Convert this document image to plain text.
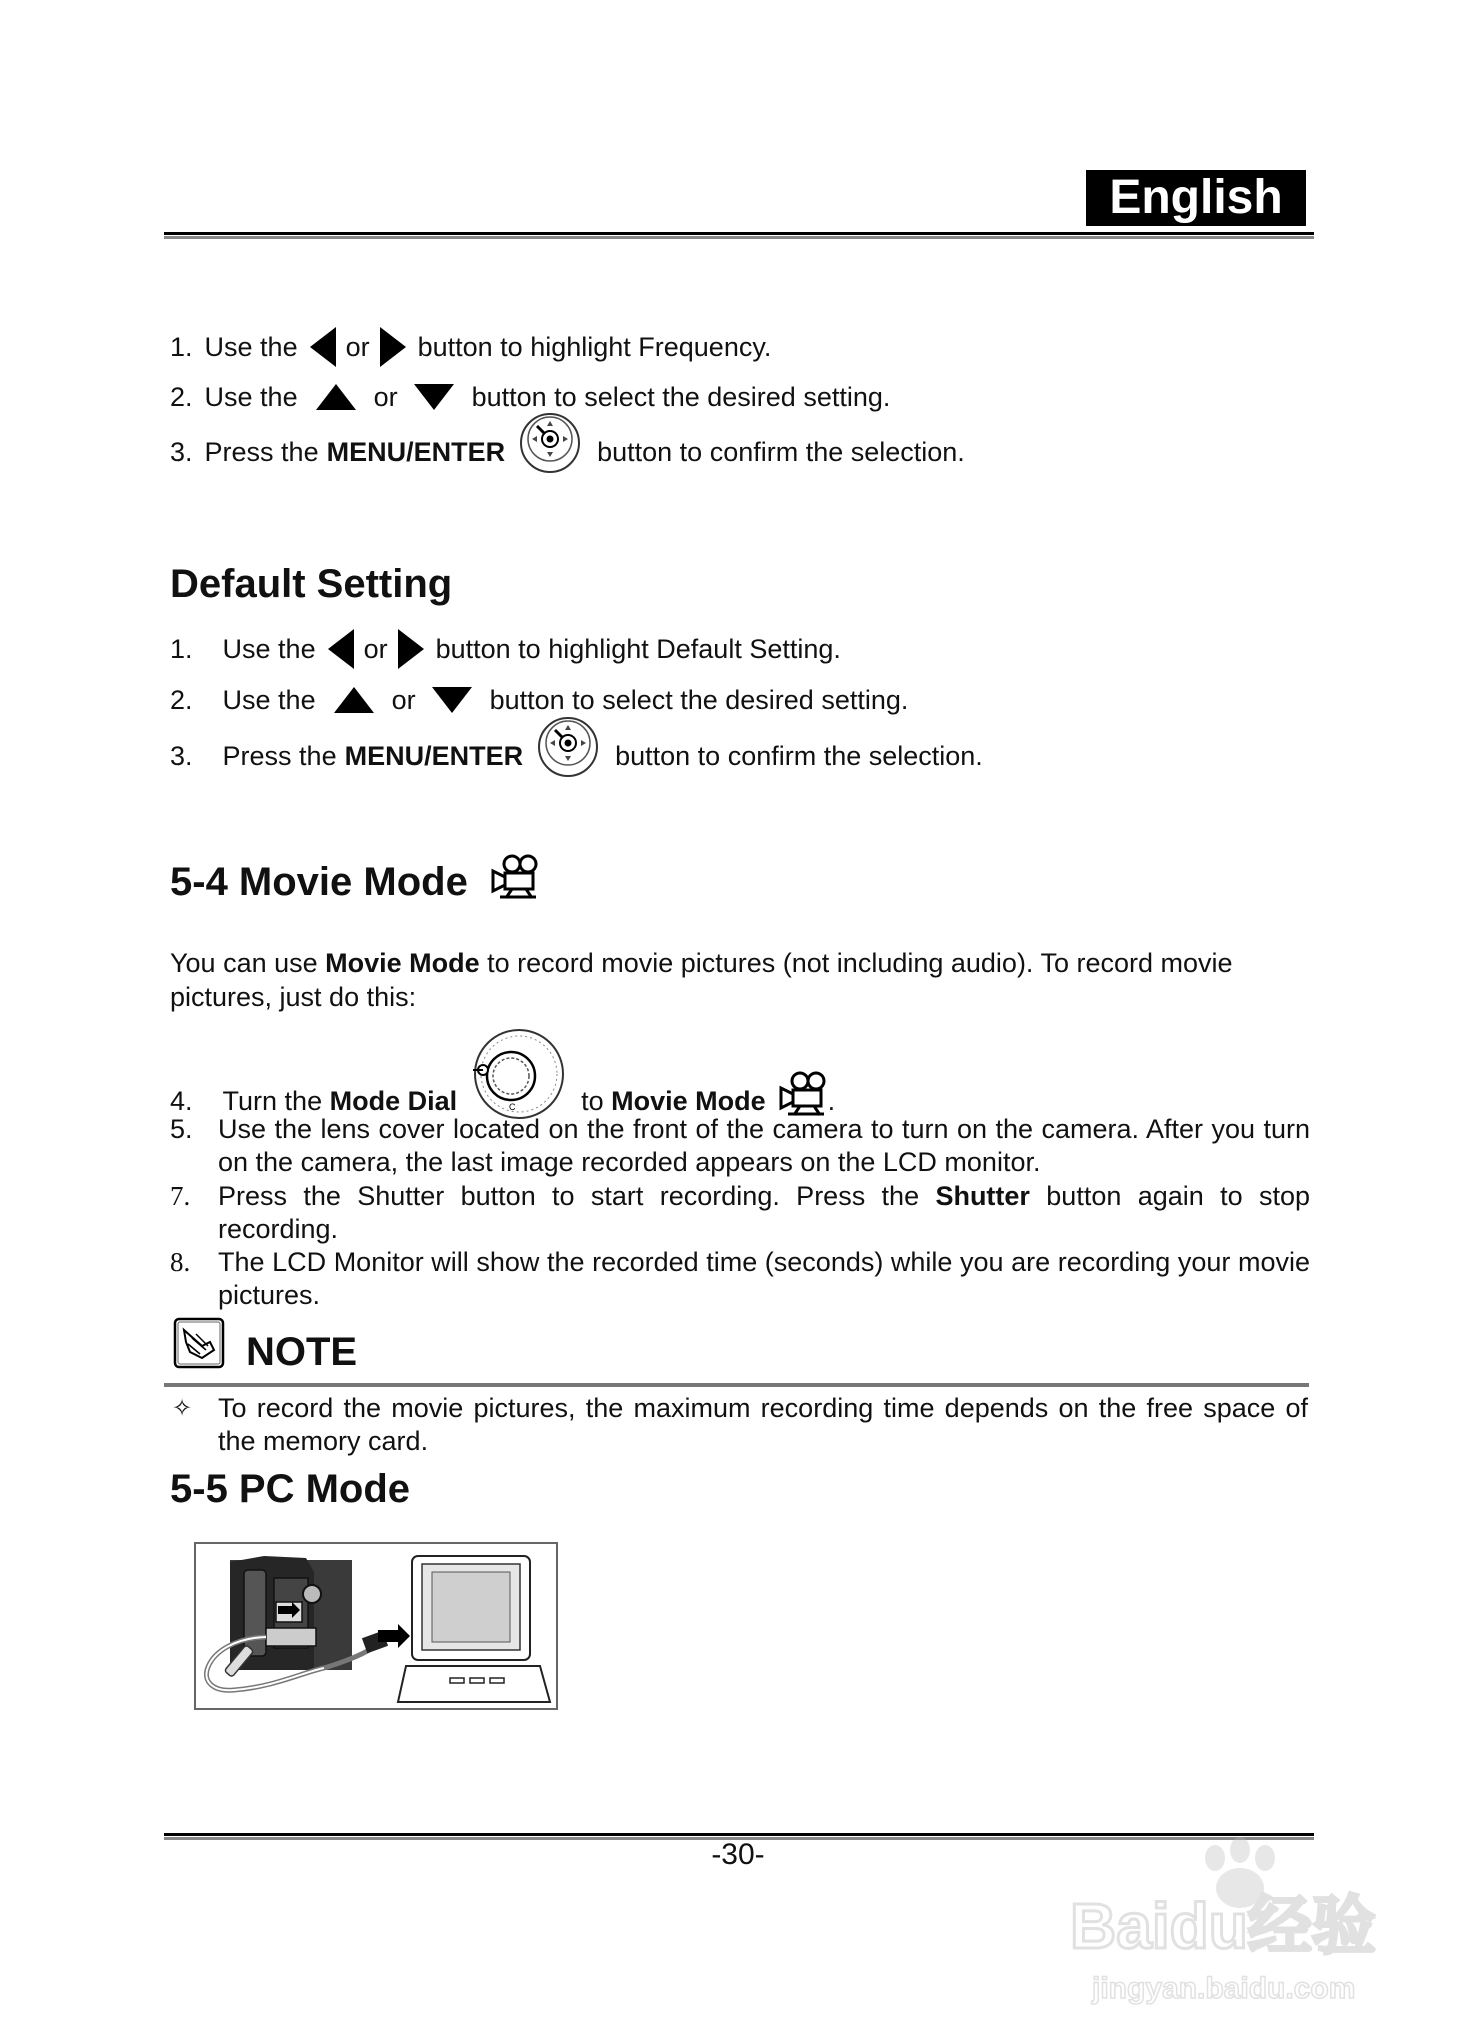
English
1. Use the or button to highlight Frequency.
2. Use the	or	button to select the desired setting.
3. Press the MENU/ENTER	button to confirm the selection.
Default Setting
1. Use the or button to highlight Default Setting.
2. Use the	or	button to select the desired setting.
3. Press the MENU/ENTER	button to confirm the selection.
5-4 Movie Mode
You can use Movie Mode to record movie pictures (not including audio). To record movie pictures, just do this:
4. Turn the Mode Dial	C to Movie Mode .
5. Use the lens cover located on the front of the camera to turn on the camera. After you turn on the camera, the last image recorded appears on the LCD monitor.
7. Press the Shutter button to start recording. Press the Shutter button again to stop recording.
8. The LCD Monitor will show the recorded time (seconds) while you are recording your movie pictures.
NOTE
✧ To record the movie pictures, the maximum recording time depends on the free space of the memory card.
5-5 PC Mode
-30-
Baidu经验
jingyan.baidu.com
